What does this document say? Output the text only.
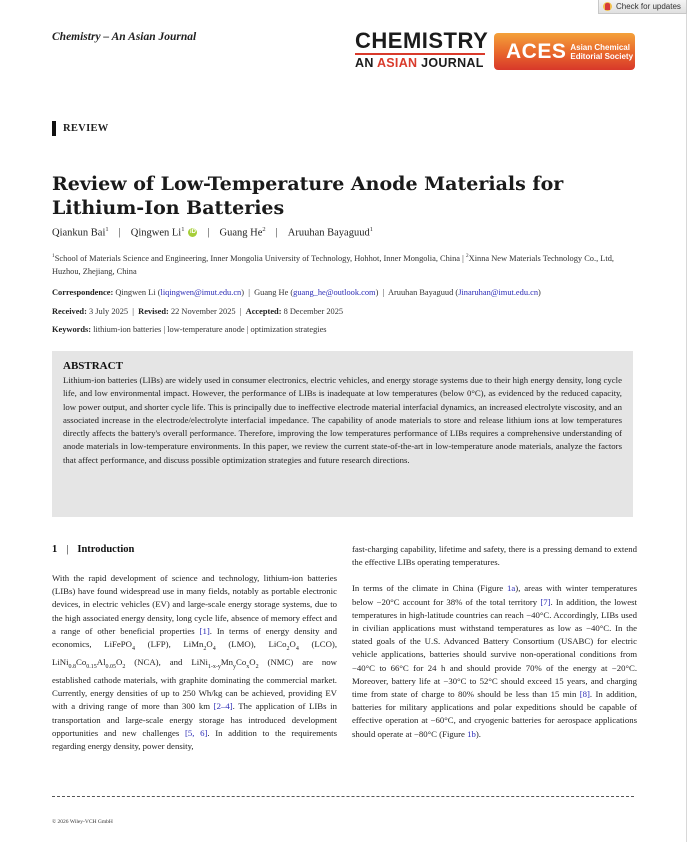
Check for updates
Chemistry – An Asian Journal	CHEMISTRY
AN ASIAN JOURNAL
ACES Asian Chemical
Editorial Society
REVIEW
Review of Low-Temperature Anode Materials for
Lithium-Ion Batteries
Qiankun Bai$^1$ | Qingwen Li$^1$ iD | Guang He$^2$ | Aruuhan Bayaguud$^1$
$^1$School of Materials Science and Engineering, Inner Mongolia University of Technology, Hohhot, Inner Mongolia, China | $^2$Xinna New Materials Technology Co., Ltd, Huzhou, Zhejiang, China
Correspondence: Qingwen Li (liqingwen@imut.edu.cn)  |  Guang He (guang_he@outlook.com)  |  Aruuhan Bayaguud (Jinaruhan@imut.edu.cn)
Received: 3 July 2025  |  Revised: 22 November 2025  |  Accepted: 8 December 2025
Keywords: lithium-ion batteries | low-temperature anode | optimization strategies
ABSTRACT

Lithium-ion batteries (LIBs) are widely used in consumer electronics, electric vehicles, and energy storage systems due to their high energy density, long cycle life, and low environmental impact. However, the performance of LIBs is inadequate at low temperatures (below 0°C), as evidenced by the reduced capacity, low power output, and shorter cycle life. This is principally due to ineffective electrode material interfacial dynamics, an increased electrolyte viscosity, and an associated increase in the electrode/electrolyte interfacial impedance. The capability of anode materials to store and release lithium ions at low temperatures directly affects the battery's overall performance. Therefore, improving the low temperatures performance of LIBs requires a comprehensive understanding of anode materials in low-temperature environments. In this paper, we review the current state-of-the-art in low-temperature anode materials, analyze the factors that affect performance, and discuss possible optimization strategies and future research directions.

1 | Introduction

With the rapid development of science and technology, lithium-ion batteries (LIBs) have found widespread use in many fields, notably as portable electronic devices, in electric vehicles (EV) and large-scale energy storage systems, due to the high associated energy density, long cycle life, absence of memory effect and a range of other beneficial properties [1]. In terms of energy density and economics, LiFePO$_4$ (LFP), $LiMn_2O_4$ (LMO), $LiCo_2O_4$ (LCO), $LiNi_{0.8}Co_{0.15}Al_{0.05}O_2$ (NCA), and $LiNi_{1-x-y}Mn_yCo_xO_2$ (NMC) are now established cathode materials, with graphite dominating the commercial market. Currently, energy densities of up to 250 Wh/kg can be achieved, providing EV with a driving range of more than 300 km [2–4]. The application of LIBs in transportation and large-scale energy storage has introduced development opportunities and new challenges [5, 6]. In addition to the requirements regarding energy density, power density,

fast-charging capability, lifetime and safety, there is a pressing demand to extend the effective LIBs operating temperatures.

In terms of the climate in China (Figure 1a), areas with winter temperatures below −20°C account for 38% of the total territory [7]. In addition, the lowest temperatures in high-latitude countries can reach −40°C. Accordingly, LIBs used in civilian applications must withstand temperatures as low as −40°C. In the stated goals of the U.S. Advanced Battery Consortium (USABC) for electric vehicle applications, batteries should survive non-operational conditions from −40°C to 66°C for 24 h and should provide 70% of the energy at −20°C. Moreover, battery life at −30°C to 52°C should exceed 15 years, and charging time from state of charge to 80% should be less than 15 min [8]. In addition, batteries for military applications and polar expeditions should be capable of effective operation at −60°C, and cryogenic batteries for aerospace applications should operate at −80°C (Figure 1b).

© 2026 Wiley-VCH GmbH
